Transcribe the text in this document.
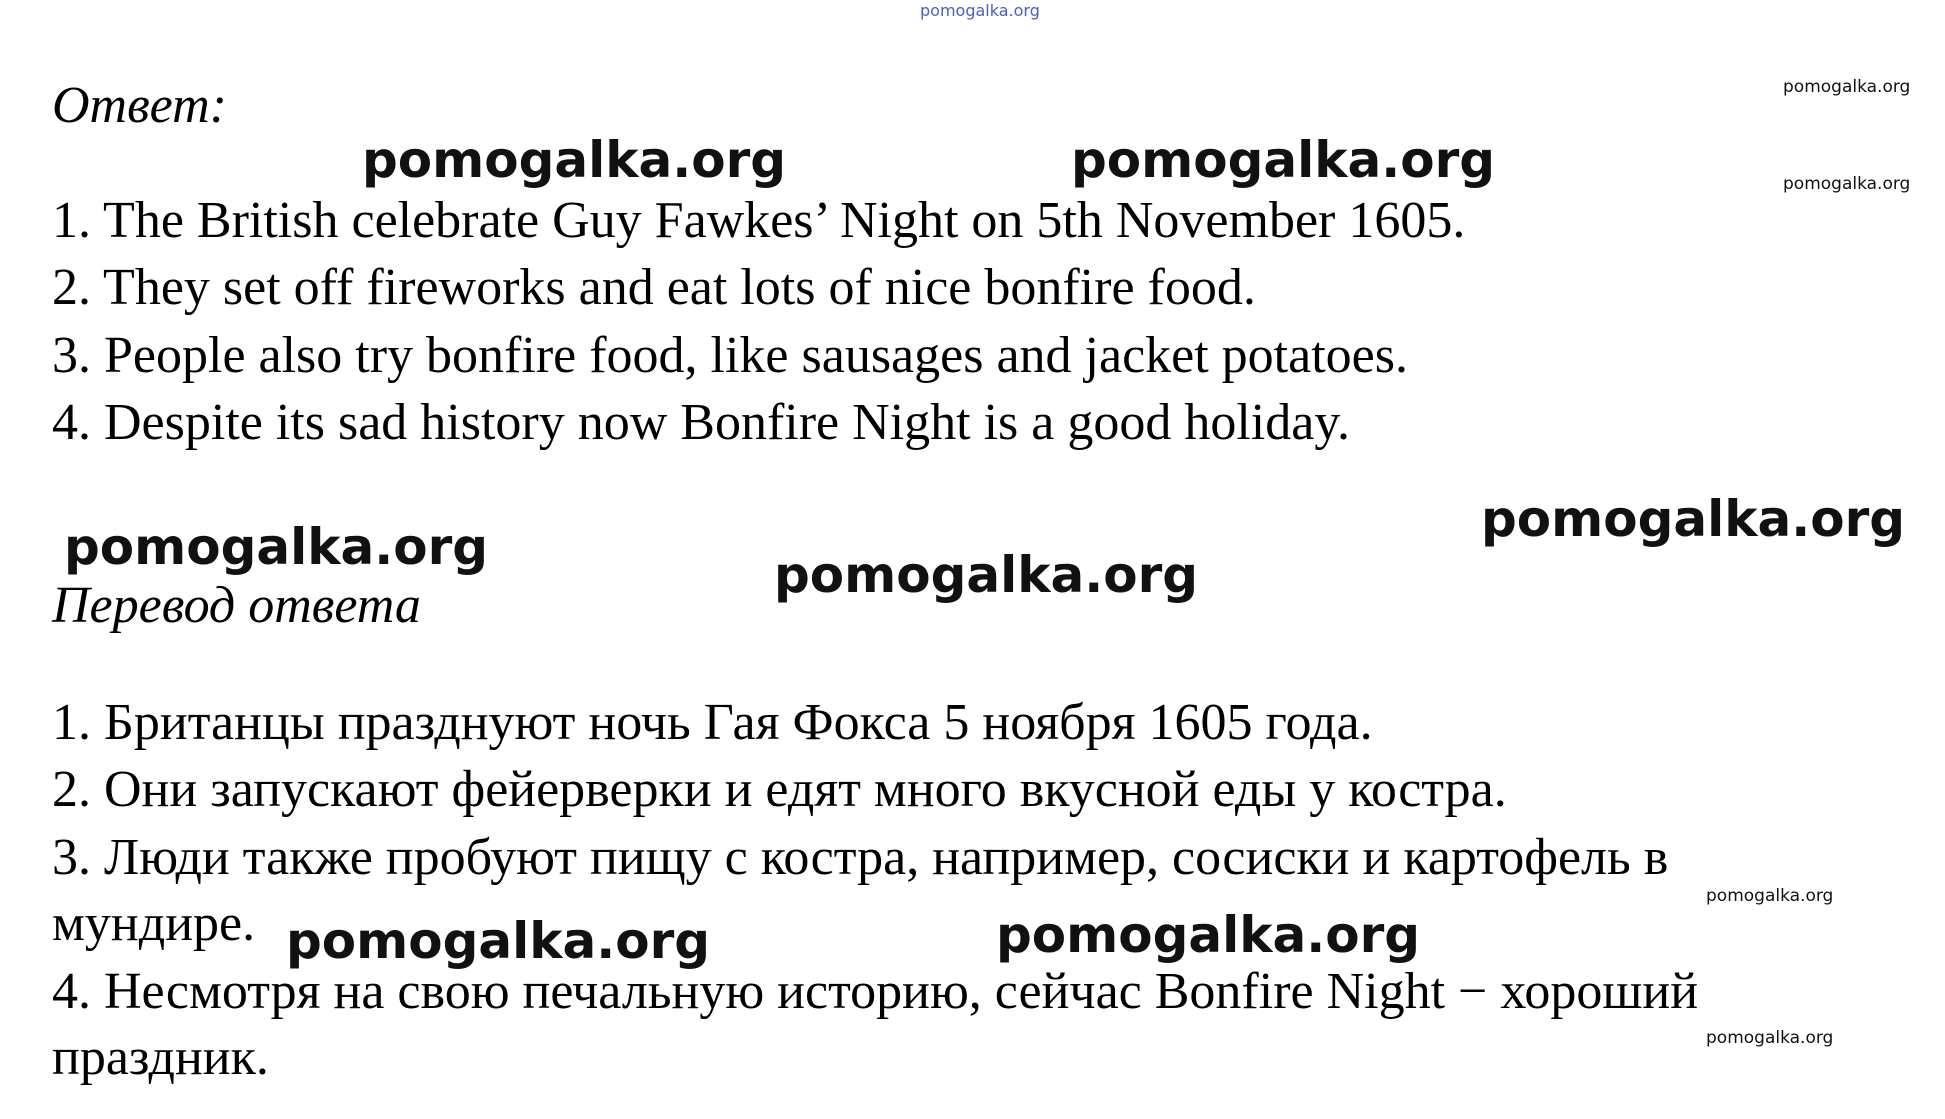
pomogalka.org
pomogalka.org
pomogalka.org
pomogalka.org
pomogalka.org
Ответ:
1. The British celebrate Guy Fawkes’ Night on 5th November 1605.
2. They set off fireworks and eat lots of nice bonfire food.
3. People also try bonfire food, like sausages and jacket potatoes.
4. Despite its sad history now Bonfire Night is a good holiday.
Перевод ответа
1. Британцы празднуют ночь Гая Фокса 5 ноября 1605 года.
2. Они запускают фейерверки и едят много вкусной еды у костра.
3. Люди также пробуют пищу с костра, например, сосиски и картофель в
мундире.
4. Несмотря на свою печальную историю, сейчас Bonfire Night − хороший
праздник.
pomogalka.org	pomogalka.org
pomogalka.org
pomogalka.org	pomogalka.org
pomogalka.org	pomogalka.org
